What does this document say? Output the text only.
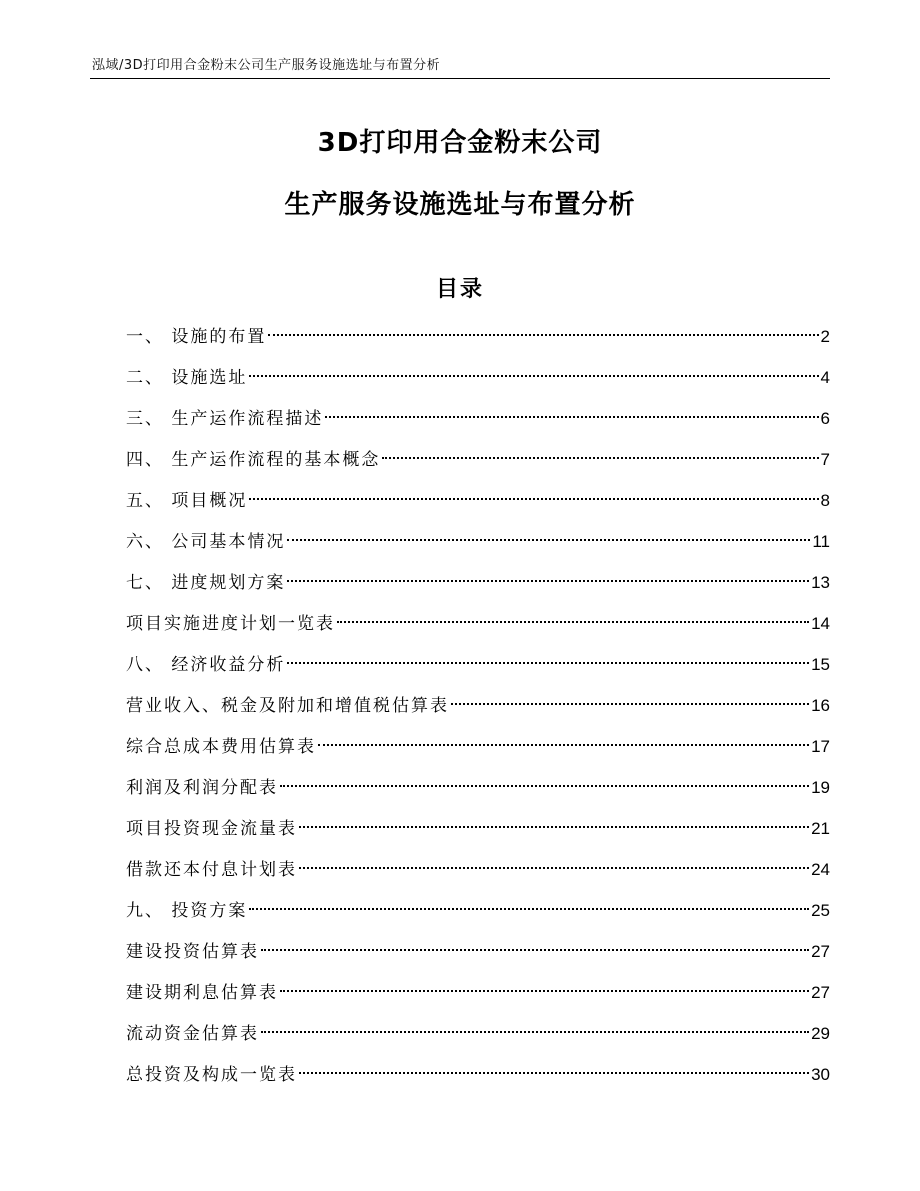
泓域/3D打印用合金粉末公司生产服务设施选址与布置分析
3D打印用合金粉末公司
生产服务设施选址与布置分析
目录
一、 设施的布置	2
二、 设施选址	4
三、 生产运作流程描述	6
四、 生产运作流程的基本概念	7
五、 项目概况	8
六、 公司基本情况	11
七、 进度规划方案	13
项目实施进度计划一览表	14
八、 经济收益分析	15
营业收入、税金及附加和增值税估算表	16
综合总成本费用估算表	17
利润及利润分配表	19
项目投资现金流量表	21
借款还本付息计划表	24
九、 投资方案	25
建设投资估算表	27
建设期利息估算表	27
流动资金估算表	29
总投资及构成一览表	30
